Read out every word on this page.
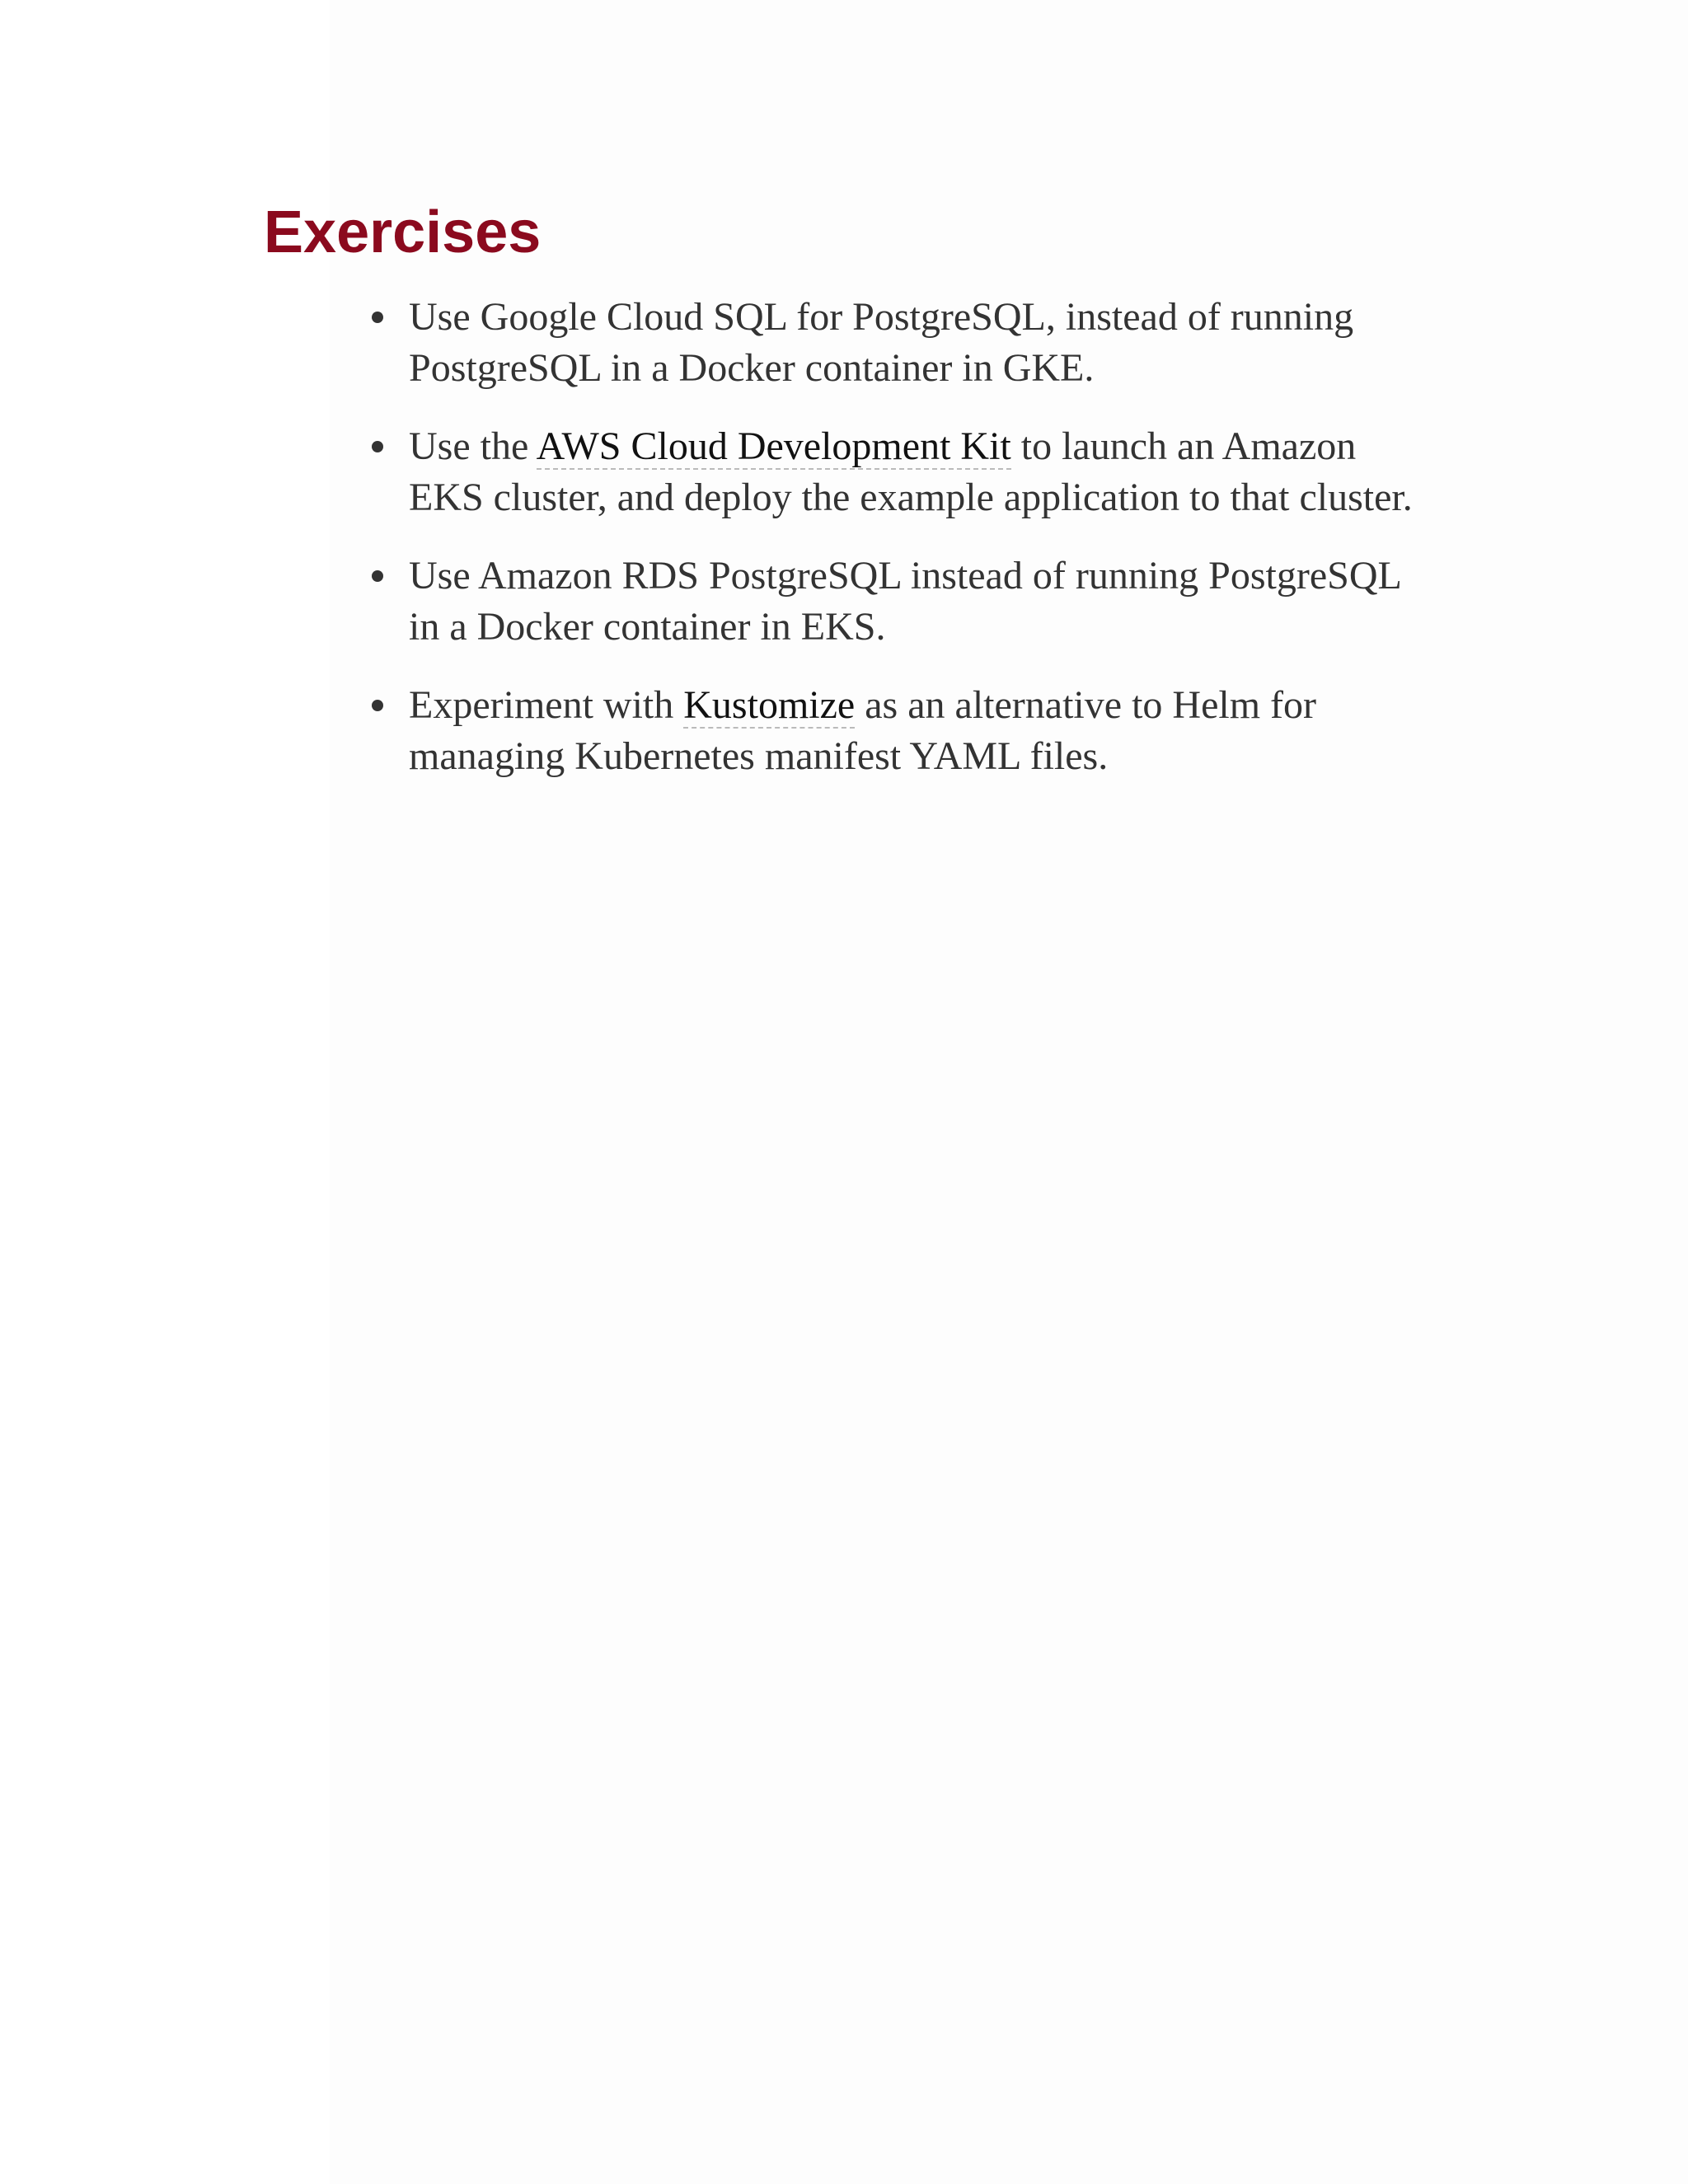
Exercises
Use Google Cloud SQL for PostgreSQL, instead of running PostgreSQL in a Docker container in GKE.
Use the AWS Cloud Development Kit to launch an Amazon EKS cluster, and deploy the example application to that cluster.
Use Amazon RDS PostgreSQL instead of running PostgreSQL in a Docker container in EKS.
Experiment with Kustomize as an alternative to Helm for managing Kubernetes manifest YAML files.
